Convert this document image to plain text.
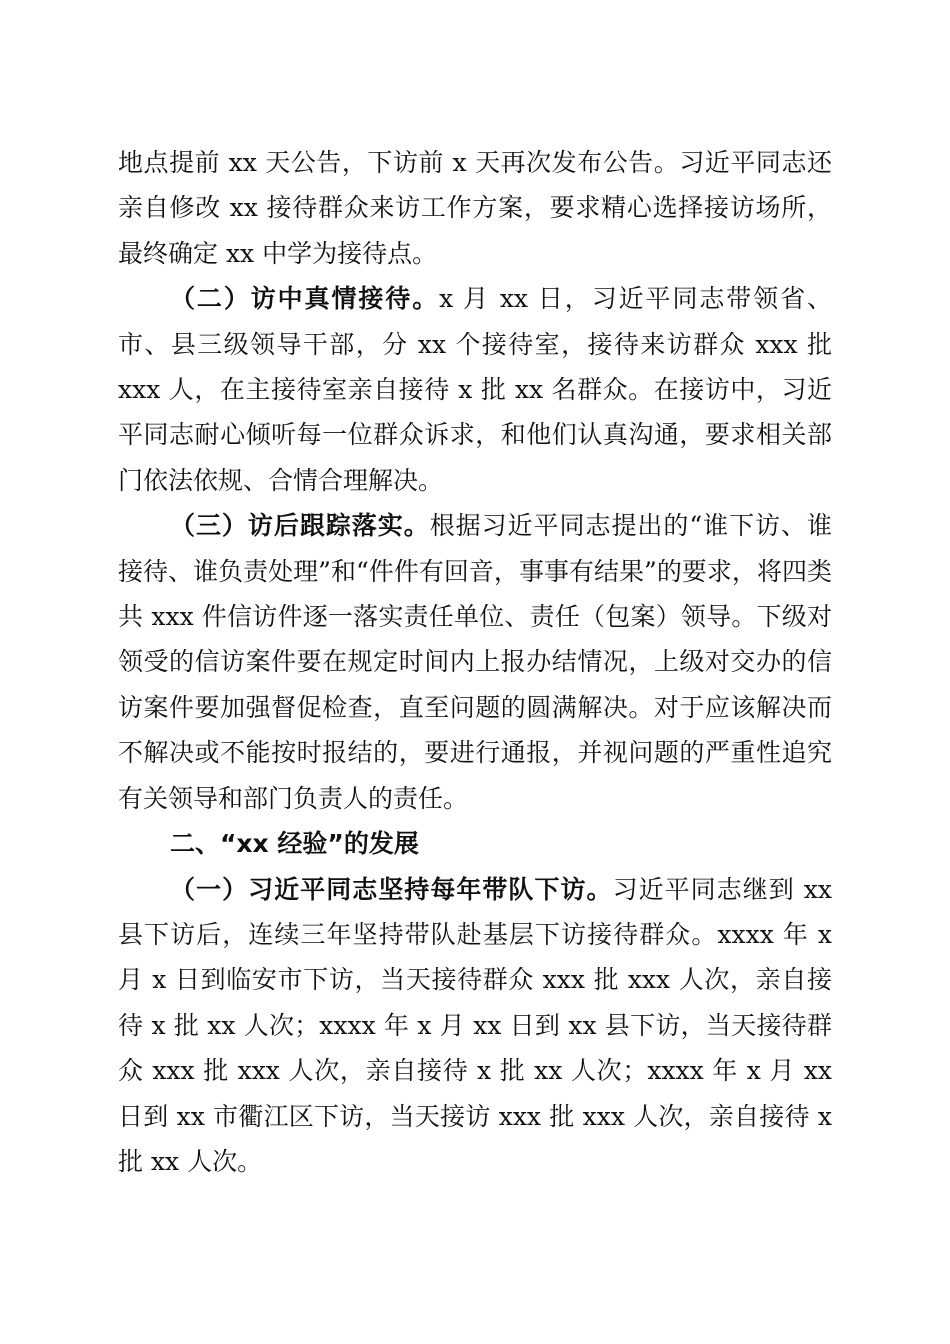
地点提前 xx 天公告，下访前 x 天再次发布公告。习近平同志还亲自修改 xx 接待群众来访工作方案，要求精心选择接访场所，最终确定 xx 中学为接待点。

（二）访中真情接待。x 月 xx 日，习近平同志带领省、市、县三级领导干部，分 xx 个接待室，接待来访群众 xxx 批 xxx 人，在主接待室亲自接待 x 批 xx 名群众。在接访中，习近平同志耐心倾听每一位群众诉求，和他们认真沟通，要求相关部门依法依规、合情合理解决。

（三）访后跟踪落实。根据习近平同志提出的“谁下访、谁接待、谁负责处理”和“件件有回音，事事有结果”的要求，将四类共 xxx 件信访件逐一落实责任单位、责任（包案）领导。下级对领受的信访案件要在规定时间内上报办结情况，上级对交办的信访案件要加强督促检查，直至问题的圆满解决。对于应该解决而不解决或不能按时报结的，要进行通报，并视问题的严重性追究有关领导和部门负责人的责任。

二、“xx 经验”的发展

（一）习近平同志坚持每年带队下访。习近平同志继到 xx 县下访后，连续三年坚持带队赴基层下访接待群众。xxxx 年 x 月 x 日到临安市下访，当天接待群众 xxx 批 xxx 人次，亲自接待 x 批 xx 人次；xxxx 年 x 月 xx 日到 xx 县下访，当天接待群众 xxx 批 xxx 人次，亲自接待 x 批 xx 人次；xxxx 年 x 月 xx 日到 xx 市衢江区下访，当天接访 xxx 批 xxx 人次，亲自接待 x 批 xx 人次。
